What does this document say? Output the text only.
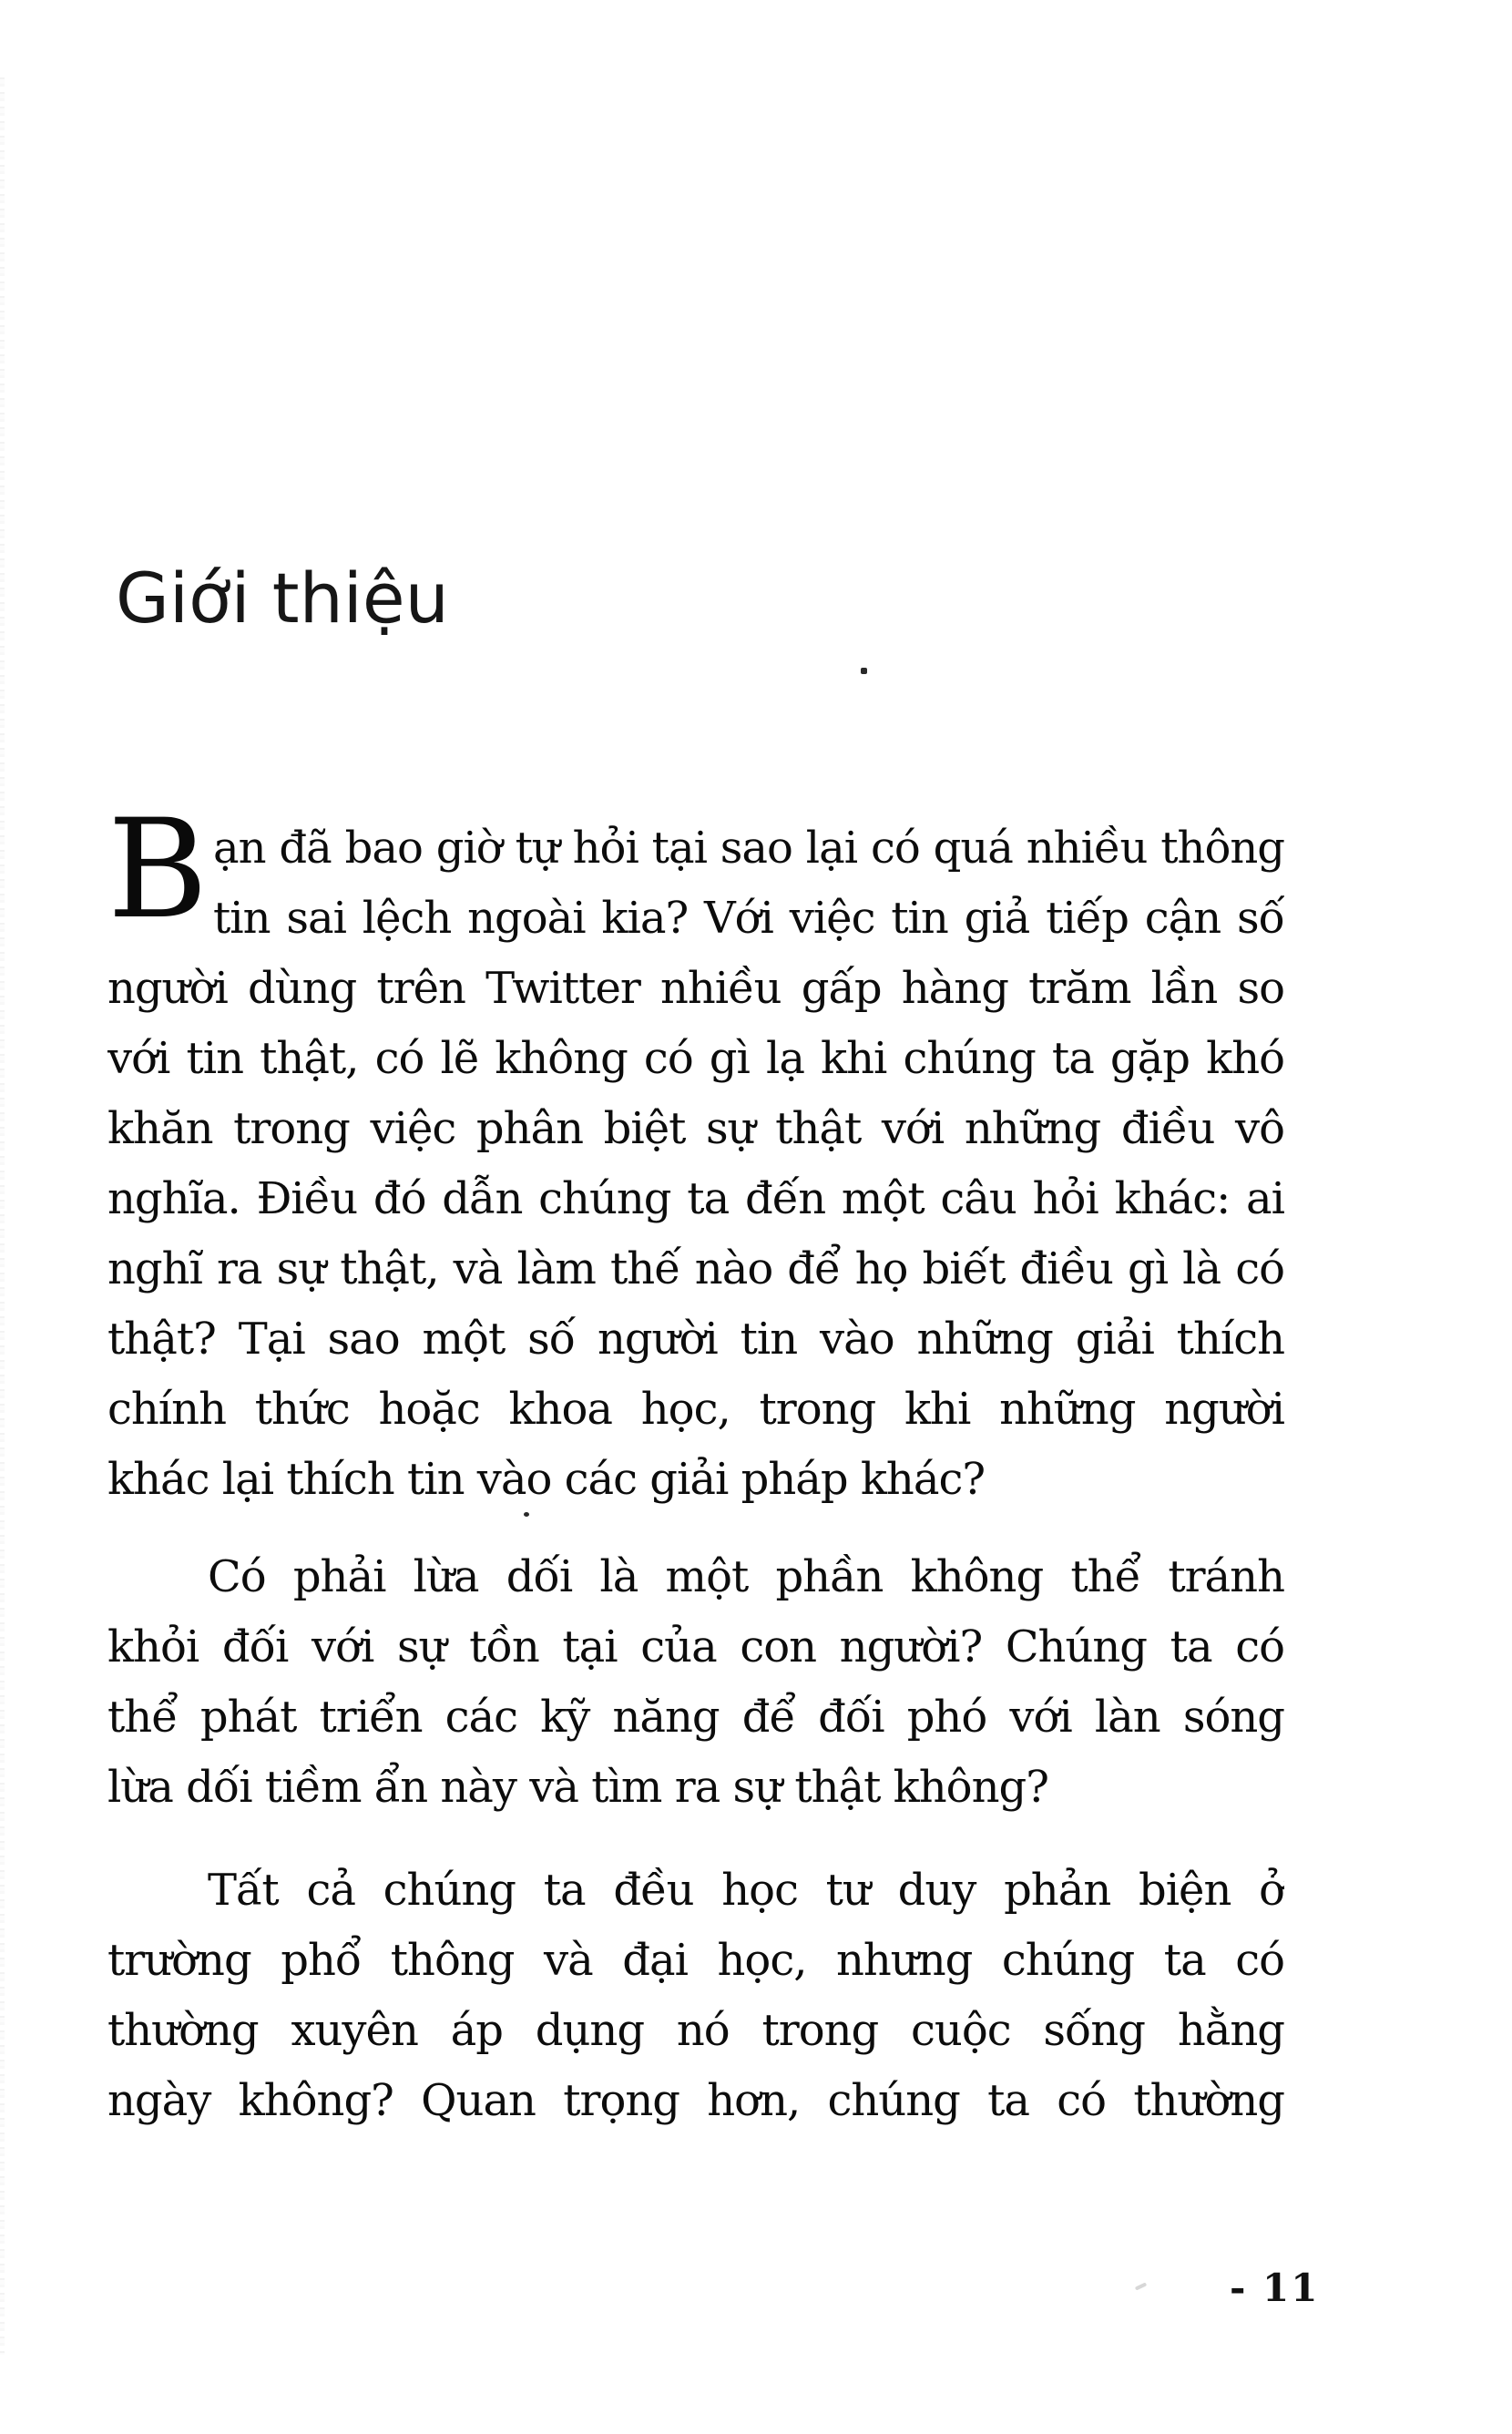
Giới thiệu
B ạn đã bao giờ tự hỏi tại sao lại có quá nhiều thông
tin sai lệch ngoài kia? Với việc tin giả tiếp cận số
người dùng trên Twitter nhiều gấp hàng trăm lần so
với tin thật, có lẽ không có gì lạ khi chúng ta gặp khó
khăn trong việc phân biệt sự thật với những điều vô
nghĩa. Điều đó dẫn chúng ta đến một câu hỏi khác: ai
nghĩ ra sự thật, và làm thế nào để họ biết điều gì là có
thật? Tại sao một số người tin vào những giải thích
chính thức hoặc khoa học, trong khi những người
khác lại thích tin vào các giải pháp khác?
Có phải lừa dối là một phần không thể tránh
khỏi đối với sự tồn tại của con người? Chúng ta có
thể phát triển các kỹ năng để đối phó với làn sóng
lừa dối tiềm ẩn này và tìm ra sự thật không?
Tất cả chúng ta đều học tư duy phản biện ở
trường phổ thông và đại học, nhưng chúng ta có
thường xuyên áp dụng nó trong cuộc sống hằng
ngày không? Quan trọng hơn, chúng ta có thường
- 11
